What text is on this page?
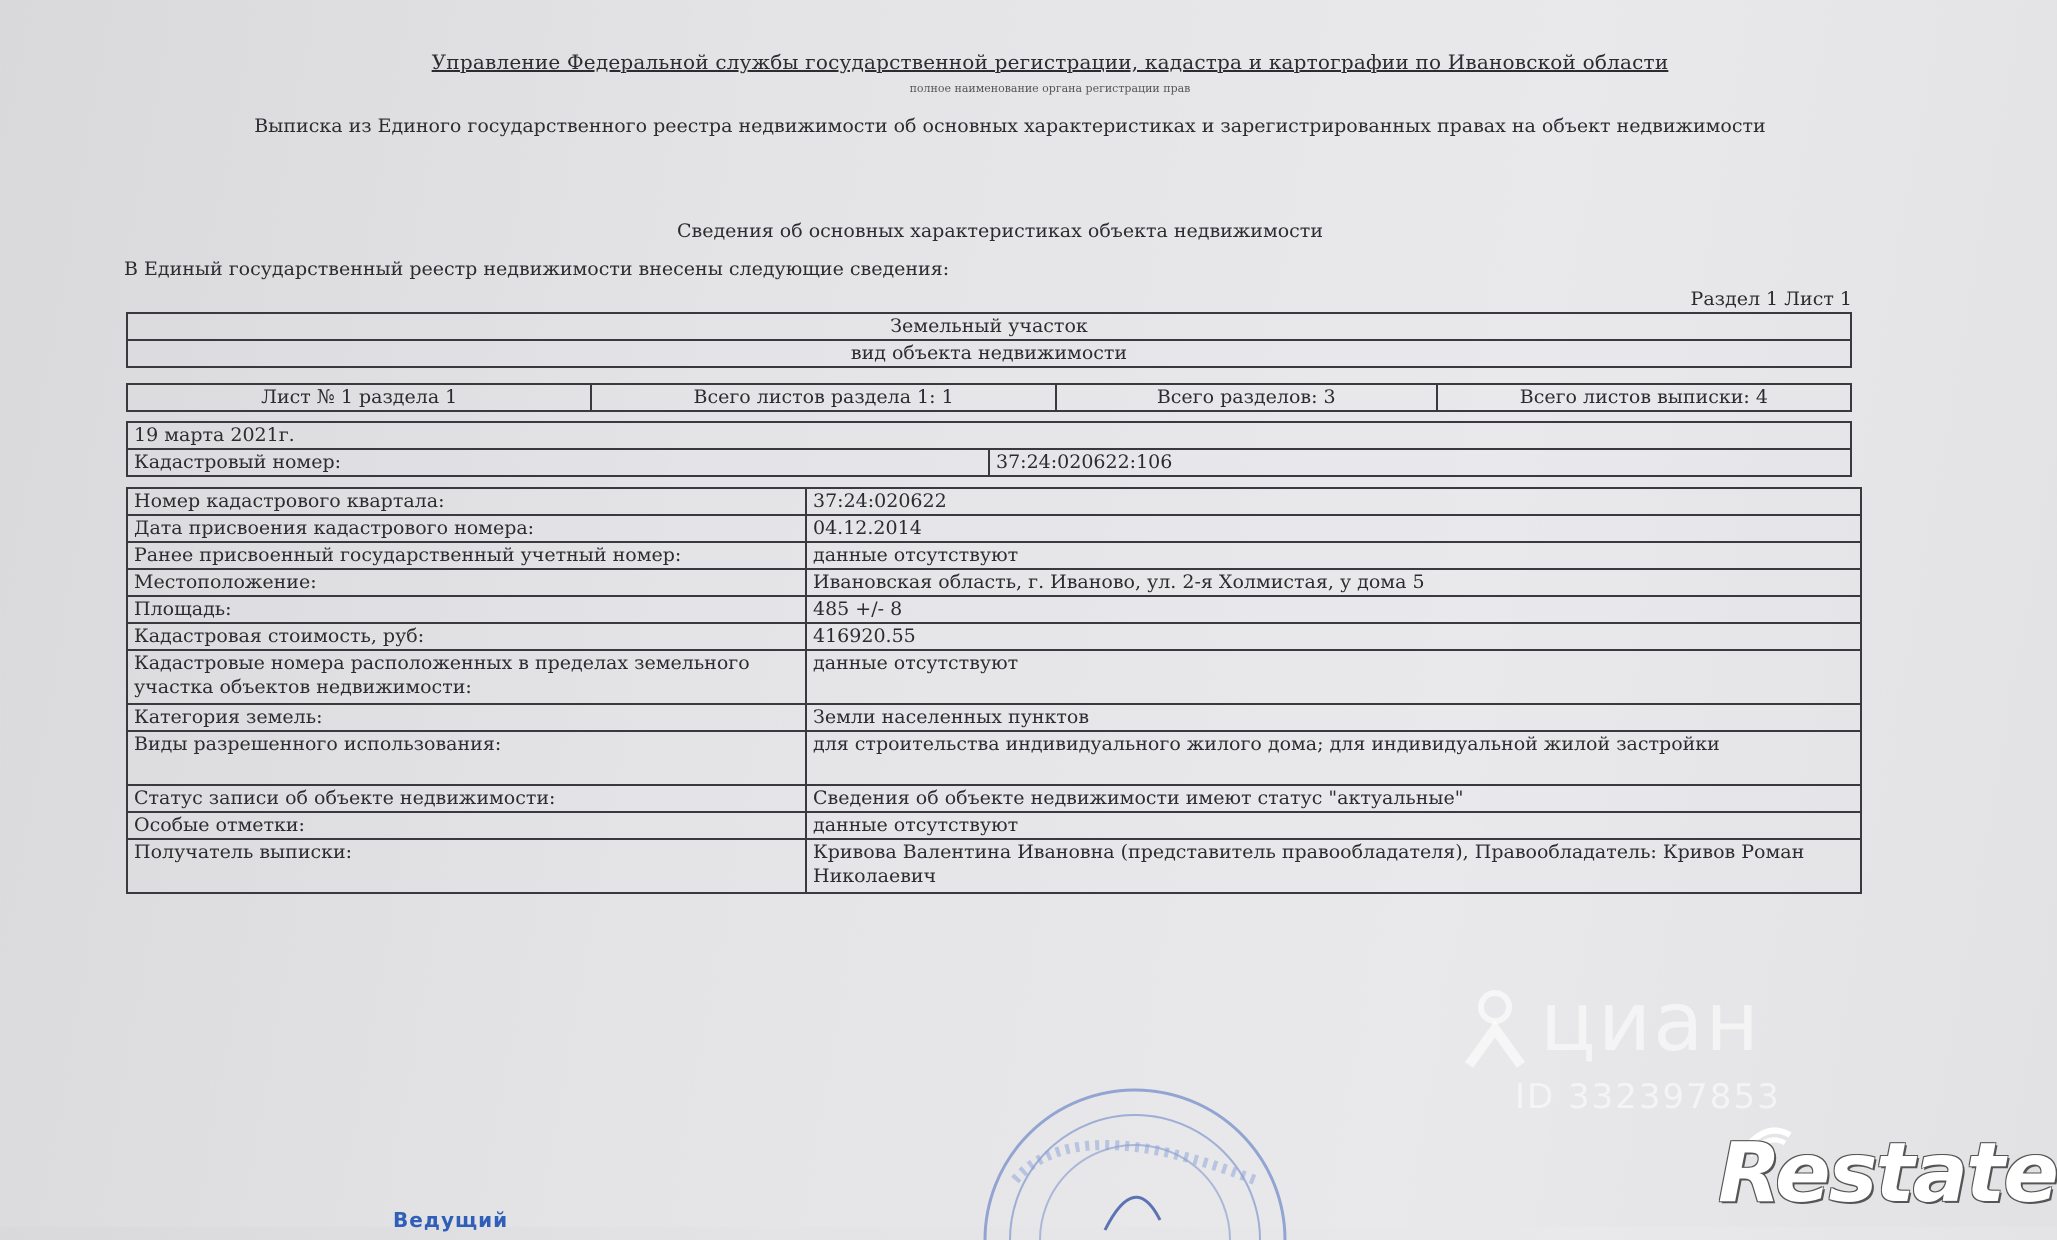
Управление Федеральной службы государственной регистрации, кадастра и картографии по Ивановской области
полное наименование органа регистрации прав
Выписка из Единого государственного реестра недвижимости об основных характеристиках и зарегистрированных правах на объект недвижимости
Сведения об основных характеристиках объекта недвижимости
В Единый государственный реестр недвижимости внесены следующие сведения:
Раздел 1 Лист 1
Земельный участок
вид объекта недвижимости
Лист № 1 раздела 1	Всего листов раздела 1: 1	Всего разделов: 3	Всего листов выписки: 4
19 марта 2021г.
Кадастровый номер:	37:24:020622:106
Номер кадастрового квартала:	37:24:020622
Дата присвоения кадастрового номера:	04.12.2014
Ранее присвоенный государственный учетный номер:	данные отсутствуют
Местоположение:	Ивановская область, г. Иваново, ул. 2-я Холмистая, у дома 5
Площадь:	485 +/- 8
Кадастровая стоимость, руб:	416920.55
Кадастровые номера расположенных в пределах земельного участка объектов недвижимости:	данные отсутствуют
Категория земель:	Земли населенных пунктов
Виды разрешенного использования:	для строительства индивидуального жилого дома; для индивидуальной жилой застройки
Статус записи об объекте недвижимости:	Сведения об объекте недвижимости имеют статус "актуальные"
Особые отметки:	данные отсутствуют
Получатель выписки:	Кривова Валентина Ивановна (представитель правообладателя), Правообладатель: Кривов Роман Николаевич
циан
ID 332397853
Ведущий	Restate
